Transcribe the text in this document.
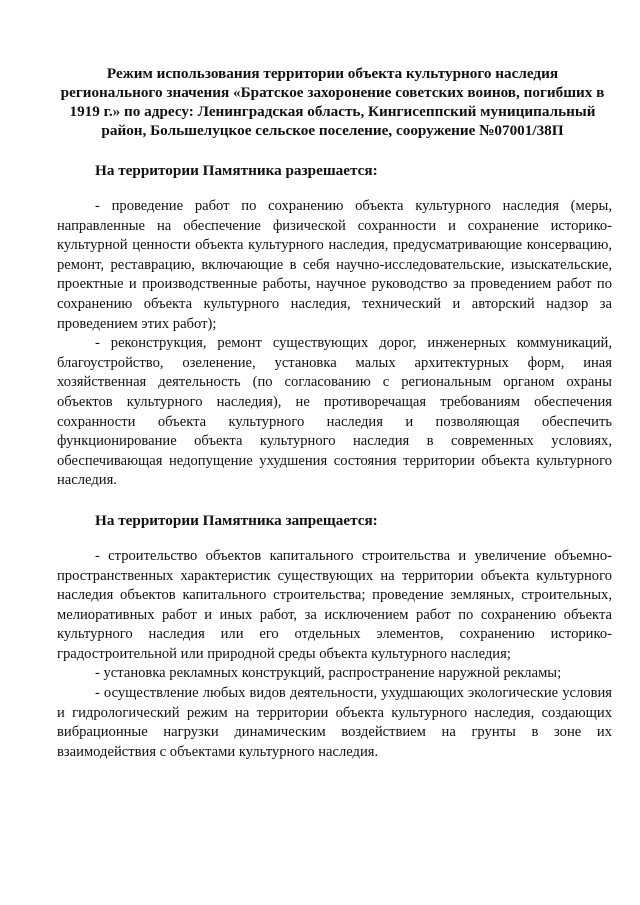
Режим использования территории объекта культурного наследия регионального значения «Братское захоронение советских воинов, погибших в 1919 г.» по адресу: Ленинградская область, Кингисеппский муниципальный район, Большелуцкое сельское поселение, сооружение №07001/38П
На территории Памятника разрешается:

- проведение работ по сохранению объекта культурного наследия (меры, направленные на обеспечение физической сохранности и сохранение историко-культурной ценности объекта культурного наследия, предусматривающие консервацию, ремонт, реставрацию, включающие в себя научно-исследовательские, изыскательские, проектные и производственные работы, научное руководство за проведением работ по сохранению объекта культурного наследия, технический и авторский надзор за проведением этих работ);

- реконструкция, ремонт существующих дорог, инженерных коммуникаций, благоустройство, озеленение, установка малых архитектурных форм, иная хозяйственная деятельность (по согласованию с региональным органом охраны объектов культурного наследия), не противоречащая требованиям обеспечения сохранности объекта культурного наследия и позволяющая обеспечить функционирование объекта культурного наследия в современных условиях, обеспечивающая недопущение ухудшения состояния территории объекта культурного наследия.

На территории Памятника запрещается:

- строительство объектов капитального строительства и увеличение объемно-пространственных характеристик существующих на территории объекта культурного наследия объектов капитального строительства; проведение земляных, строительных, мелиоративных работ и иных работ, за исключением работ по сохранению объекта культурного наследия или его отдельных элементов, сохранению историко-градостроительной или природной среды объекта культурного наследия;

- установка рекламных конструкций, распространение наружной рекламы;

- осуществление любых видов деятельности, ухудшающих экологические условия и гидрологический режим на территории объекта культурного наследия, создающих вибрационные нагрузки динамическим воздействием на грунты в зоне их взаимодействия с объектами культурного наследия.
